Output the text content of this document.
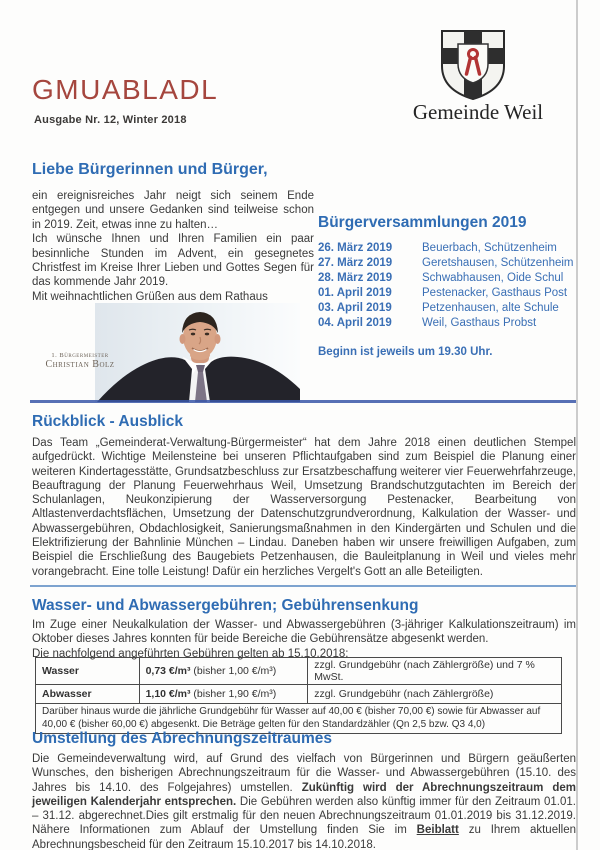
GMUABLADL
Ausgabe Nr. 12, Winter 2018	Gemeinde Weil
Liebe Bürgerinnen und Bürger,
ein ereignisreiches Jahr neigt sich seinem Ende entgegen und unsere Gedanken sind teilweise schon in 2019. Zeit, etwas inne zu halten…
Ich wünsche Ihnen und Ihren Familien ein paar besinnliche Stunden im Advent, ein gesegnetes Christfest im Kreise Ihrer Lieben und Gottes Segen für das kommende Jahr 2019.
Mit weihnachtlichen Grüßen aus dem Rathaus
1. Bürgermeister
Christian Bolz
Bürgerversammlungen 2019
26. März 2019	Beuerbach, Schützenheim
27. März 2019	Geretshausen, Schützenheim
28. März 2019	Schwabhausen, Oide Schul
01. April 2019	Pestenacker, Gasthaus Post
03. April 2019	Petzenhausen, alte Schule
04. April 2019	Weil, Gasthaus Probst
Beginn ist jeweils um 19.30 Uhr.
Rückblick - Ausblick
Das Team „Gemeinderat-Verwaltung-Bürgermeister“ hat dem Jahre 2018 einen deutlichen Stempel aufgedrückt. Wichtige Meilensteine bei unseren Pflichtaufgaben sind zum Beispiel die Planung einer weiteren Kindertagesstätte, Grundsatzbeschluss zur Ersatzbeschaffung weiterer vier Feuerwehrfahrzeuge, Beauftragung der Planung Feuerwehrhaus Weil, Umsetzung Brandschutzgutachten im Bereich der Schulanlagen, Neukonzipierung der Wasserversorgung Pestenacker, Bearbeitung von Altlastenverdachtsflächen, Umsetzung der Datenschutzgrundverordnung, Kalkulation der Wasser- und Abwassergebühren, Obdachlosigkeit, Sanierungsmaßnahmen in den Kindergärten und Schulen und die Elektrifizierung der Bahnlinie München – Lindau. Daneben haben wir unsere freiwilligen Aufgaben, zum Beispiel die Erschließung des Baugebiets Petzenhausen, die Bauleitplanung in Weil und vieles mehr vorangebracht. Eine tolle Leistung! Dafür ein herzliches Vergelt's Gott an alle Beteiligten.
Wasser- und Abwassergebühren; Gebührensenkung
Im Zuge einer Neukalkulation der Wasser- und Abwassergebühren (3-jähriger Kalkulationszeitraum) im Oktober dieses Jahres konnten für beide Bereiche die Gebührensätze abgesenkt werden.
Die nachfolgend angeführten Gebühren gelten ab 15.10.2018:
Wasser	0,73 €/m³ (bisher 1,00 €/m³)	zzgl. Grundgebühr (nach Zählergröße) und 7 % MwSt.
Abwasser	1,10 €/m³ (bisher 1,90 €/m³)	zzgl. Grundgebühr (nach Zählergröße)
Darüber hinaus wurde die jährliche Grundgebühr für Wasser auf 40,00 € (bisher 70,00 €) sowie für Abwasser auf 40,00 € (bisher 60,00 €) abgesenkt. Die Beträge gelten für den Standardzähler (Qn 2,5 bzw. Q3 4,0)		
Umstellung des Abrechnungszeitraumes
Die Gemeindeverwaltung wird, auf Grund des vielfach von Bürgerinnen und Bürgern geäußerten Wunsches, den bisherigen Abrechnungszeitraum für die Wasser- und Abwassergebühren (15.10. des Jahres bis 14.10. des Folgejahres) umstellen. Zukünftig wird der Abrechnungszeitraum dem jeweiligen Kalenderjahr entsprechen. Die Gebühren werden also künftig immer für den Zeitraum 01.01. – 31.12. abgerechnet.Dies gilt erstmalig für den neuen Abrechnungszeitraum 01.01.2019 bis 31.12.2019. Nähere Informationen zum Ablauf der Umstellung finden Sie im Beiblatt zu Ihrem aktuellen Abrechnungsbescheid für den Zeitraum 15.10.2017 bis 14.10.2018.
